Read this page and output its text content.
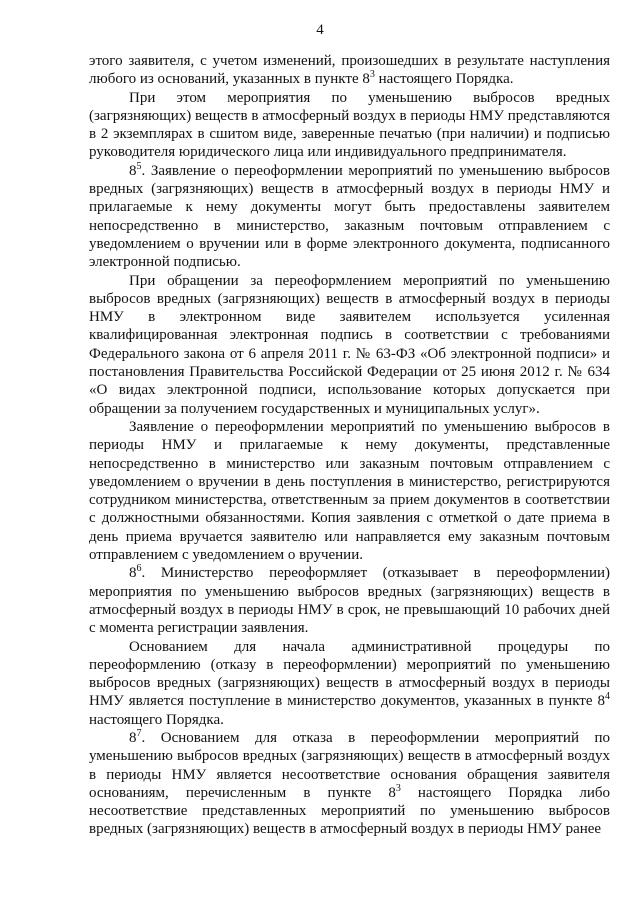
4

этого заявителя, с учетом изменений, произошедших в результате наступления любого из оснований, указанных в пункте $8^3$ настоящего Порядка.

При этом мероприятия по уменьшению выбросов вредных (загрязняющих) веществ в атмосферный воздух в периоды НМУ представляются в 2 экземплярах в сшитом виде, заверенные печатью (при наличии) и подписью руководителя юридического лица или индивидуального предпринимателя.

$8^5$. Заявление о переоформлении мероприятий по уменьшению выбросов вредных (загрязняющих) веществ в атмосферный воздух в периоды НМУ и прилагаемые к нему документы могут быть предоставлены заявителем непосредственно в министерство, заказным почтовым отправлением с уведомлением о вручении или в форме электронного документа, подписанного электронной подписью.

При обращении за переоформлением мероприятий по уменьшению выбросов вредных (загрязняющих) веществ в атмосферный воздух в периоды НМУ в электронном виде заявителем используется усиленная квалифицированная электронная подпись в соответствии с требованиями Федерального закона от 6 апреля 2011 г. № 63-ФЗ «Об электронной подписи» и постановления Правительства Российской Федерации от 25 июня 2012 г. № 634 «О видах электронной подписи, использование которых допускается при обращении за получением государственных и муниципальных услуг».

Заявление о переоформлении мероприятий по уменьшению выбросов в периоды НМУ и прилагаемые к нему документы, представленные непосредственно в министерство или заказным почтовым отправлением с уведомлением о вручении в день поступления в министерство, регистрируются сотрудником министерства, ответственным за прием документов в соответствии с должностными обязанностями. Копия заявления с отметкой о дате приема в день приема вручается заявителю или направляется ему заказным почтовым отправлением с уведомлением о вручении.

$8^6$. Министерство переоформляет (отказывает в переоформлении) мероприятия по уменьшению выбросов вредных (загрязняющих) веществ в атмосферный воздух в периоды НМУ в срок, не превышающий 10 рабочих дней с момента регистрации заявления.

Основанием для начала административной процедуры по переоформлению (отказу в переоформлении) мероприятий по уменьшению выбросов вредных (загрязняющих) веществ в атмосферный воздух в периоды НМУ является поступление в министерство документов, указанных в пункте $8^4$ настоящего Порядка.

$8^7$. Основанием для отказа в переоформлении мероприятий по уменьшению выбросов вредных (загрязняющих) веществ в атмосферный воздух в периоды НМУ является несоответствие основания обращения заявителя основаниям, перечисленным в пункте $8^3$ настоящего Порядка либо несоответствие представленных мероприятий по уменьшению выбросов вредных (загрязняющих) веществ в атмосферный воздух в периоды НМУ ранее
